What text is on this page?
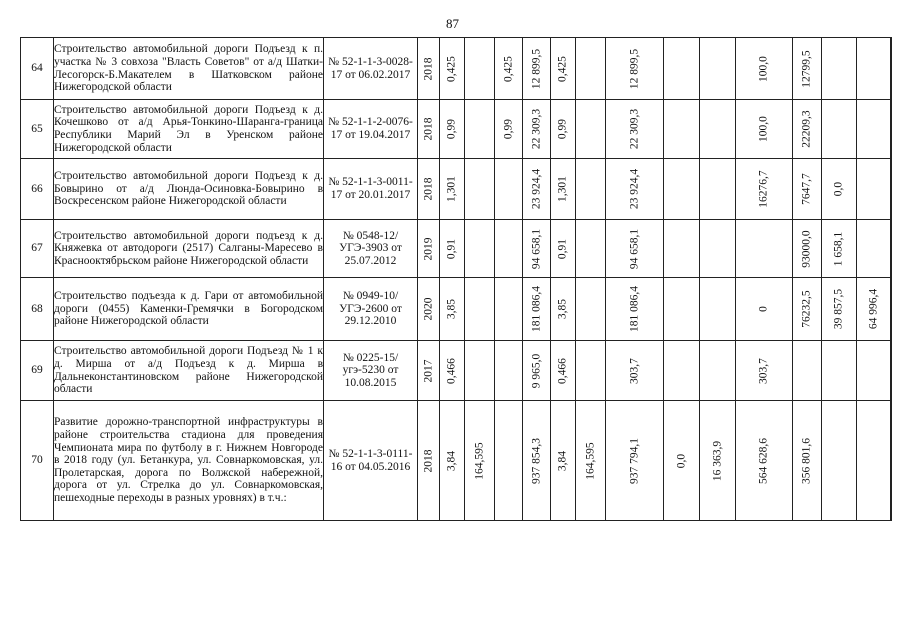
87
64	Строительство автомобильной дороги Подъезд к п. участка № 3 совхоза "Власть Советов" от а/д Шатки-Лесогорск-Б.Макателем в Шатковском районе Нижегородской области	№ 52-1-1-3-0028-17 от 06.02.2017	2018	0,425		0,425	12 899,5	0,425		12 899,5			100,0	12799,5

65	Строительство автомобильной дороги Подъезд к д. Кочешково от а/д Арья-Тонкино-Шаранга-граница Республики Марий Эл в Уренском районе Нижегородской области	№ 52-1-1-2-0076-17 от 19.04.2017	2018	0,99		0,99	22 309,3	0,99		22 309,3			100,0	22209,3

66	Строительство автомобильной дороги Подъезд к д. Бовырино от а/д Люнда-Осиновка-Бовырино в Воскресенском районе Нижегородской области	№ 52-1-1-3-0011-17 от 20.01.2017	2018	1,301			23 924,4	1,301		23 924,4			16276,7	7647,7	0,0

67	Строительство автомобильной дороги подъезд к д. Княжевка от автодороги (2517) Салганы-Маресево в Краснооктябрьском районе Нижегородской области	№ 0548-12/УГЭ-3903 от 25.07.2012	2019	0,91			94 658,1	0,91		94 658,1				93000,0	1 658,1

68	Строительство подъезда к д. Гари от автомобильной дороги (0455) Каменки-Гремячки в Богородском районе Нижегородской области	№ 0949-10/УГЭ-2600 от 29.12.2010	2020	3,85			181 086,4	3,85		181 086,4			0	76232,5	39 857,5	64 996,4

69	Строительство автомобильной дороги Подъезд № 1 к д. Мирша от а/д Подъезд к д. Мирша в Дальнеконстантиновском районе Нижегородской области	№ 0225-15/угэ-5230 от 10.08.2015	2017	0,466			9 965,0	0,466		303,7			303,7

70	Развитие дорожно-транспортной инфраструктуры в районе строительства стадиона для проведения Чемпионата мира по футболу в г. Нижнем Новгороде в 2018 году (ул. Бетанкура, ул. Совнаркомовская, ул. Пролетарская, дорога по Волжской набережной, дорога от ул. Стрелка до ул. Совнаркомовская, пешеходные переходы в разных уровнях) в т.ч.:	№ 52-1-1-3-0111-16 от 04.05.2016	2018	3,84	164,595		937 854,3	3,84	164,595	937 794,1	0,0	16 363,9	564 628,6	356 801,6
